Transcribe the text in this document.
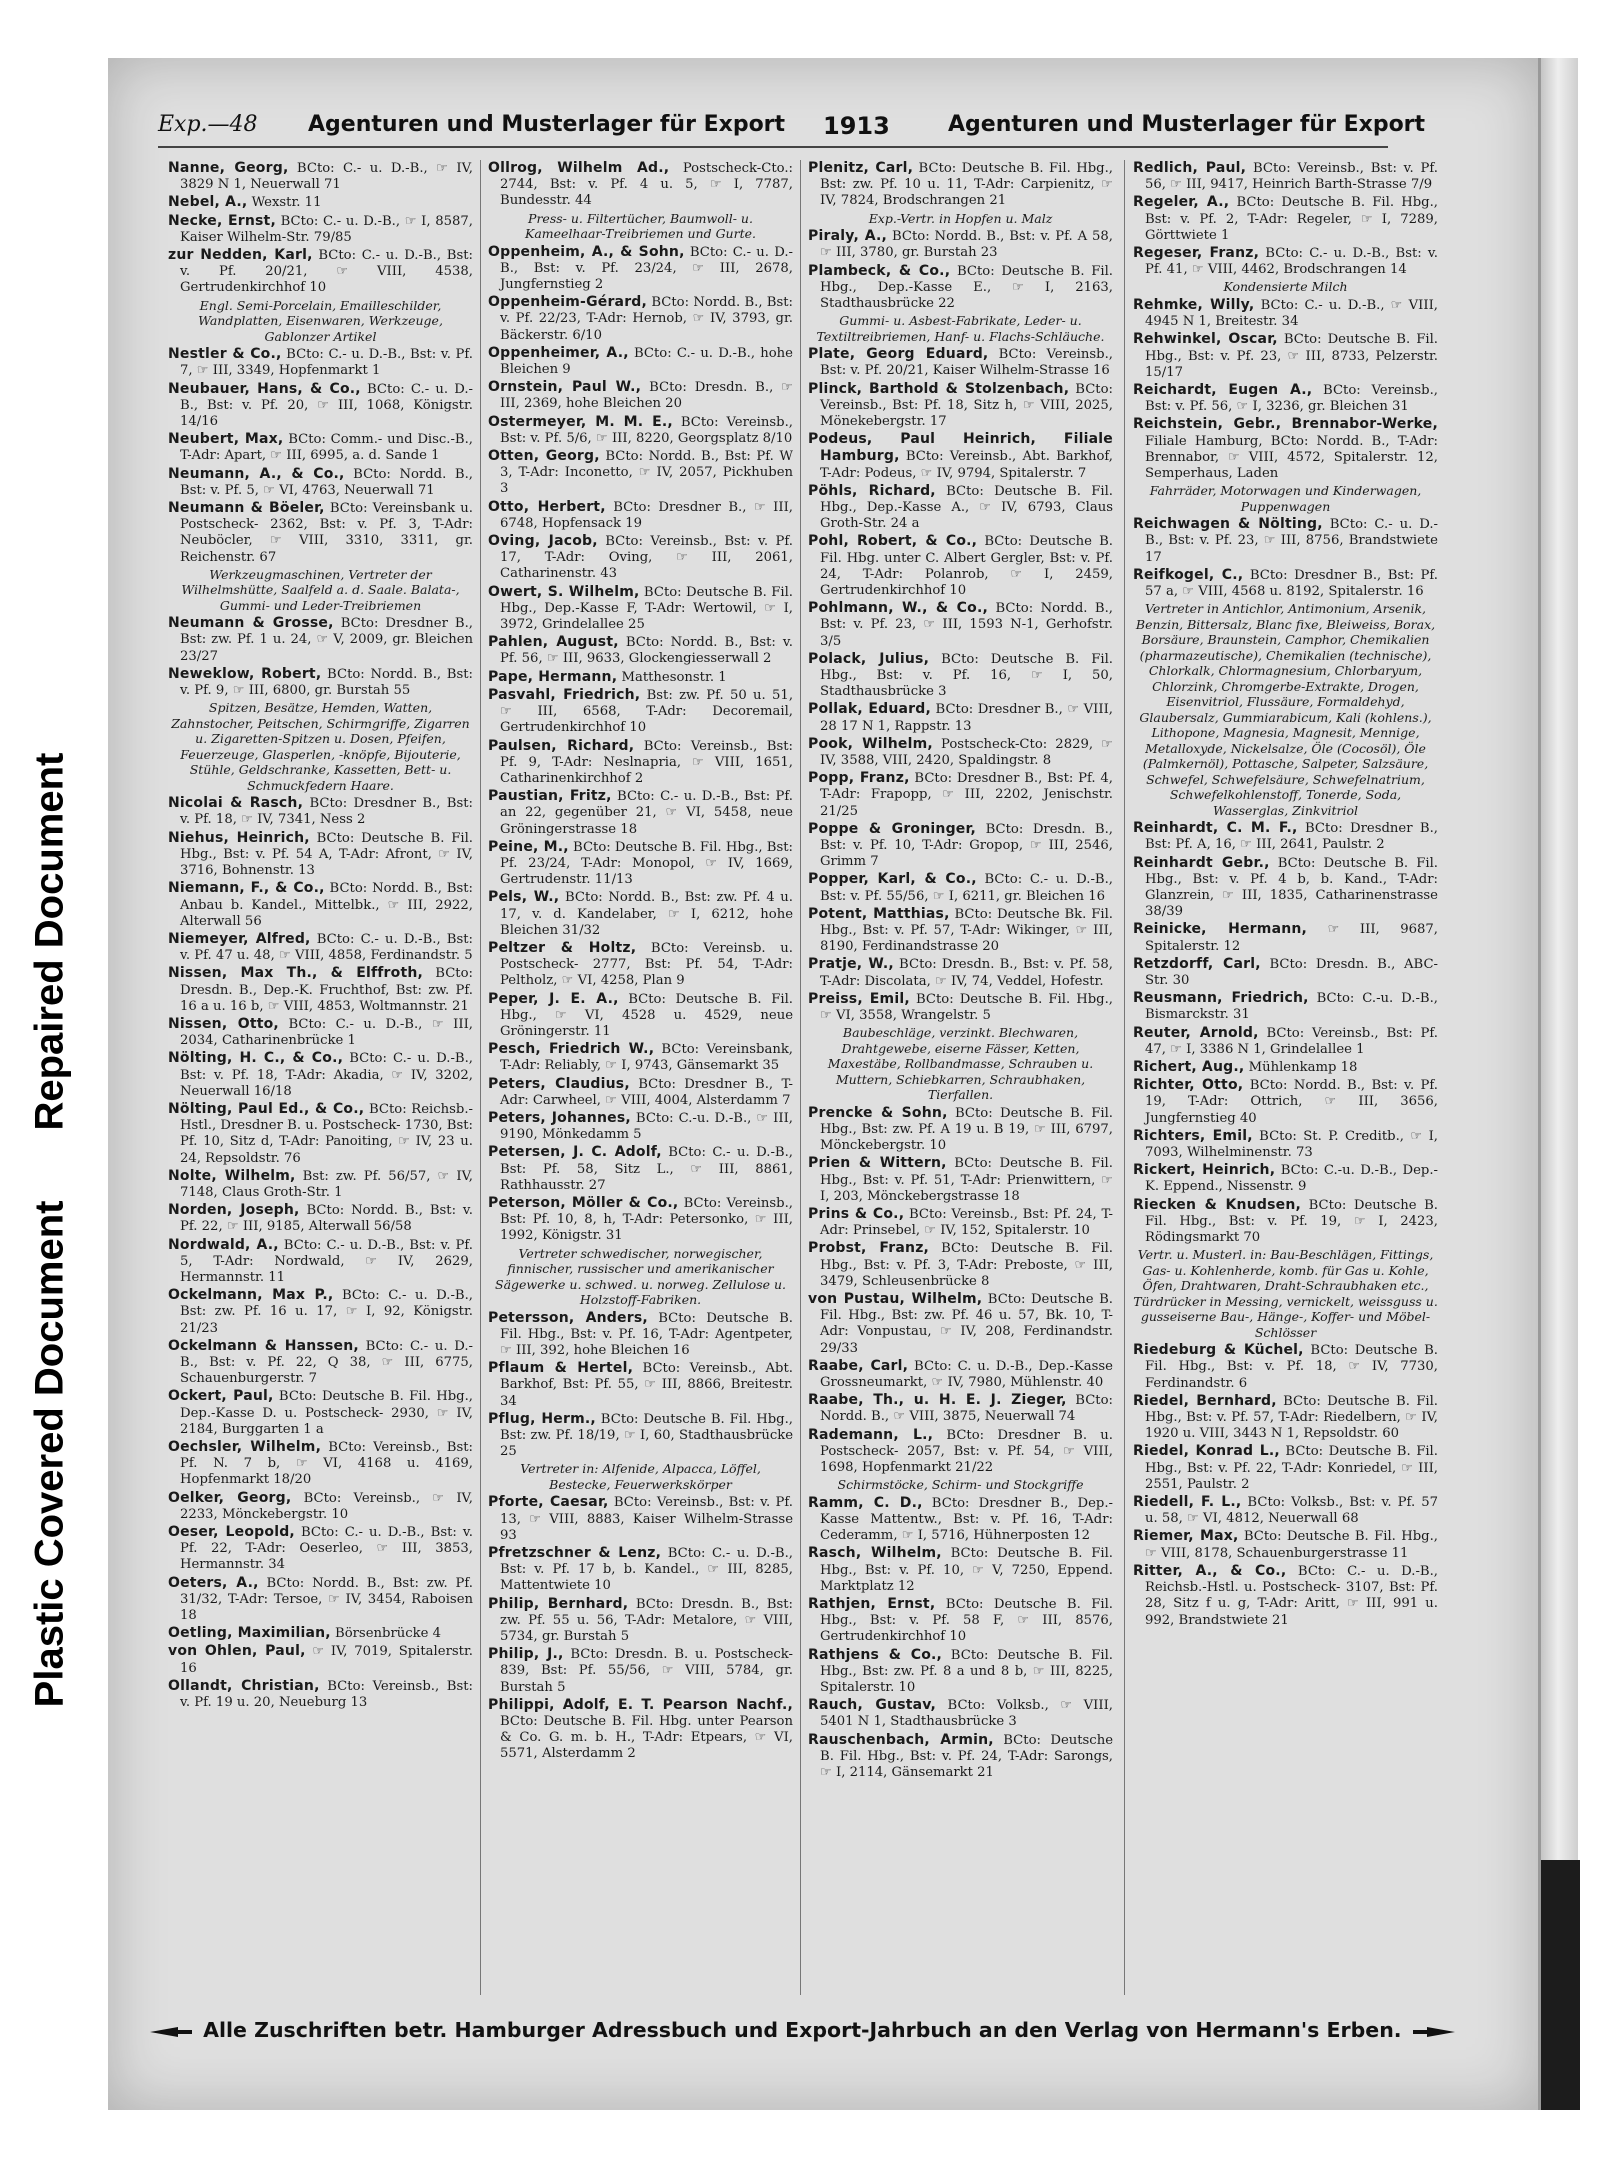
Plastic Covered DocumentRepaired Document
Exp.—48 Agenturen und Musterlager für Export 1913	Agenturen und Musterlager für Export

Nanne, Georg, BCto: C.- u. D.-B., ☞ IV, 3829 N 1, Neuerwall 71

Nebel, A., Wexstr. 11

Necke, Ernst, BCto: C.- u. D.-B., ☞ I, 8587, Kaiser Wilhelm-Str. 79/85

zur Nedden, Karl, BCto: C.- u. D.-B., Bst: v. Pf. 20/21, ☞ VIII, 4538, Gertrudenkirchhof 10

Engl. Semi-Porcelain, Emailleschilder, Wandplatten, Eisenwaren, Werkzeuge, Gablonzer Artikel

Nestler & Co., BCto: C.- u. D.-B., Bst: v. Pf. 7, ☞ III, 3349, Hopfenmarkt 1

Neubauer, Hans, & Co., BCto: C.- u. D.-B., Bst: v. Pf. 20, ☞ III, 1068, Königstr. 14/16

Neubert, Max, BCto: Comm.- und Disc.-B., T-Adr: Apart, ☞ III, 6995, a. d. Sande 1

Neumann, A., & Co., BCto: Nordd. B., Bst: v. Pf. 5, ☞ VI, 4763, Neuerwall 71

Neumann & Böeler, BCto: Vereinsbank u. Postscheck- 2362, Bst: v. Pf. 3, T-Adr: Neuböcler, ☞ VIII, 3310, 3311, gr. Reichenstr. 67

Werkzeugmaschinen, Vertreter der Wilhelmshütte, Saalfeld a. d. Saale. Balata-, Gummi- und Leder-Treibriemen

Neumann & Grosse, BCto: Dresdner B., Bst: zw. Pf. 1 u. 24, ☞ V, 2009, gr. Bleichen 23/27

Neweklow, Robert, BCto: Nordd. B., Bst: v. Pf. 9, ☞ III, 6800, gr. Burstah 55

Spitzen, Besätze, Hemden, Watten, Zahnstocher, Peitschen, Schirmgriffe, Zigarren u. Zigaretten-Spitzen u. Dosen, Pfeifen, Feuerzeuge, Glasperlen, -knöpfe, Bijouterie, Stühle, Geldschranke, Kassetten, Bett- u. Schmuckfedern Haare.

Nicolai & Rasch, BCto: Dresdner B., Bst: v. Pf. 18, ☞ IV, 7341, Ness 2

Niehus, Heinrich, BCto: Deutsche B. Fil. Hbg., Bst: v. Pf. 54 A, T-Adr: Afront, ☞ IV, 3716, Bohnenstr. 13

Niemann, F., & Co., BCto: Nordd. B., Bst: Anbau b. Kandel., Mittelbk., ☞ III, 2922, Alterwall 56

Niemeyer, Alfred, BCto: C.- u. D.-B., Bst: v. Pf. 47 u. 48, ☞ VIII, 4858, Ferdinandstr. 5

Nissen, Max Th., & Elffroth, BCto: Dresdn. B., Dep.-K. Fruchthof, Bst: zw. Pf. 16 a u. 16 b, ☞ VIII, 4853, Woltmannstr. 21

Nissen, Otto, BCto: C.- u. D.-B., ☞ III, 2034, Catharinenbrücke 1

Nölting, H. C., & Co., BCto: C.- u. D.-B., Bst: v. Pf. 18, T-Adr: Akadia, ☞ IV, 3202, Neuerwall 16/18

Nölting, Paul Ed., & Co., BCto: Reichsb.-Hstl., Dresdner B. u. Postscheck- 1730, Bst: Pf. 10, Sitz d, T-Adr: Panoiting, ☞ IV, 23 u. 24, Repsoldstr. 76

Nolte, Wilhelm, Bst: zw. Pf. 56/57, ☞ IV, 7148, Claus Groth-Str. 1

Norden, Joseph, BCto: Nordd. B., Bst: v. Pf. 22, ☞ III, 9185, Alterwall 56/58

Nordwald, A., BCto: C.- u. D.-B., Bst: v. Pf. 5, T-Adr: Nordwald, ☞ IV, 2629, Hermannstr. 11

Ockelmann, Max P., BCto: C.- u. D.-B., Bst: zw. Pf. 16 u. 17, ☞ I, 92, Königstr. 21/23

Ockelmann & Hanssen, BCto: C.- u. D.-B., Bst: v. Pf. 22, Q 38, ☞ III, 6775, Schauenburgerstr. 7

Ockert, Paul, BCto: Deutsche B. Fil. Hbg., Dep.-Kasse D. u. Postscheck- 2930, ☞ IV, 2184, Burggarten 1 a

Oechsler, Wilhelm, BCto: Vereinsb., Bst: Pf. N. 7 b, ☞ VI, 4168 u. 4169, Hopfenmarkt 18/20

Oelker, Georg, BCto: Vereinsb., ☞ IV, 2233, Mönckebergstr. 10

Oeser, Leopold, BCto: C.- u. D.-B., Bst: v. Pf. 22, T-Adr: Oeserleo, ☞ III, 3853, Hermannstr. 34

Oeters, A., BCto: Nordd. B., Bst: zw. Pf. 31/32, T-Adr: Tersoe, ☞ IV, 3454, Raboisen 18

Oetling, Maximilian, Börsenbrücke 4

von Ohlen, Paul, ☞ IV, 7019, Spitalerstr. 16

Ollandt, Christian, BCto: Vereinsb., Bst: v. Pf. 19 u. 20, Neueburg 13

Ollrog, Wilhelm Ad., Postscheck-Cto.: 2744, Bst: v. Pf. 4 u. 5, ☞ I, 7787, Bundesstr. 44

Press- u. Filtertücher, Baumwoll- u. Kameelhaar-Treibriemen und Gurte.

Oppenheim, A., & Sohn, BCto: C.- u. D.-B., Bst: v. Pf. 23/24, ☞ III, 2678, Jungfernstieg 2

Oppenheim-Gérard, BCto: Nordd. B., Bst: v. Pf. 22/23, T-Adr: Hernob, ☞ IV, 3793, gr. Bäckerstr. 6/10

Oppenheimer, A., BCto: C.- u. D.-B., hohe Bleichen 9

Ornstein, Paul W., BCto: Dresdn. B., ☞ III, 2369, hohe Bleichen 20

Ostermeyer, M. M. E., BCto: Vereinsb., Bst: v. Pf. 5/6, ☞ III, 8220, Georgsplatz 8/10

Otten, Georg, BCto: Nordd. B., Bst: Pf. W 3, T-Adr: Inconetto, ☞ IV, 2057, Pickhuben 3

Otto, Herbert, BCto: Dresdner B., ☞ III, 6748, Hopfensack 19

Oving, Jacob, BCto: Vereinsb., Bst: v. Pf. 17, T-Adr: Oving, ☞ III, 2061, Catharinenstr. 43

Owert, S. Wilhelm, BCto: Deutsche B. Fil. Hbg., Dep.-Kasse F, T-Adr: Wertowil, ☞ I, 3972, Grindelallee 25

Pahlen, August, BCto: Nordd. B., Bst: v. Pf. 56, ☞ III, 9633, Glockengiesserwall 2

Pape, Hermann, Matthesonstr. 1

Pasvahl, Friedrich, Bst: zw. Pf. 50 u. 51, ☞ III, 6568, T-Adr: Decoremail, Gertrudenkirchhof 10

Paulsen, Richard, BCto: Vereinsb., Bst: Pf. 9, T-Adr: Neslnapria, ☞ VIII, 1651, Catharinenkirchhof 2

Paustian, Fritz, BCto: C.- u. D.-B., Bst: Pf. an 22, gegenüber 21, ☞ VI, 5458, neue Gröningerstrasse 18

Peine, M., BCto: Deutsche B. Fil. Hbg., Bst: Pf. 23/24, T-Adr: Monopol, ☞ IV, 1669, Gertrudenstr. 11/13

Pels, W., BCto: Nordd. B., Bst: zw. Pf. 4 u. 17, v. d. Kandelaber, ☞ I, 6212, hohe Bleichen 31/32

Peltzer & Holtz, BCto: Vereinsb. u. Postscheck- 2777, Bst: Pf. 54, T-Adr: Peltholz, ☞ VI, 4258, Plan 9

Peper, J. E. A., BCto: Deutsche B. Fil. Hbg., ☞ VI, 4528 u. 4529, neue Gröningerstr. 11

Pesch, Friedrich W., BCto: Vereinsbank, T-Adr: Reliably, ☞ I, 9743, Gänsemarkt 35

Peters, Claudius, BCto: Dresdner B., T-Adr: Carwheel, ☞ VIII, 4004, Alsterdamm 7

Peters, Johannes, BCto: C.-u. D.-B., ☞ III, 9190, Mönkedamm 5

Petersen, J. C. Adolf, BCto: C.- u. D.-B., Bst: Pf. 58, Sitz L., ☞ III, 8861, Rathhausstr. 27

Peterson, Möller & Co., BCto: Vereinsb., Bst: Pf. 10, 8, h, T-Adr: Petersonko, ☞ III, 1992, Königstr. 31

Vertreter schwedischer, norwegischer, finnischer, russischer und amerikanischer Sägewerke u. schwed. u. norweg. Zellulose u. Holzstoff-Fabriken.

Petersson, Anders, BCto: Deutsche B. Fil. Hbg., Bst: v. Pf. 16, T-Adr: Agentpeter, ☞ III, 392, hohe Bleichen 16

Pflaum & Hertel, BCto: Vereinsb., Abt. Barkhof, Bst: Pf. 55, ☞ III, 8866, Breitestr. 34

Pflug, Herm., BCto: Deutsche B. Fil. Hbg., Bst: zw. Pf. 18/19, ☞ I, 60, Stadthausbrücke 25

Vertreter in: Alfenide, Alpacca, Löffel, Bestecke, Feuerwerkskörper

Pforte, Caesar, BCto: Vereinsb., Bst: v. Pf. 13, ☞ VIII, 8883, Kaiser Wilhelm-Strasse 93

Pfretzschner & Lenz, BCto: C.- u. D.-B., Bst: v. Pf. 17 b, b. Kandel., ☞ III, 8285, Mattentwiete 10

Philip, Bernhard, BCto: Dresdn. B., Bst: zw. Pf. 55 u. 56, T-Adr: Metalore, ☞ VIII, 5734, gr. Burstah 5

Philip, J., BCto: Dresdn. B. u. Postscheck- 839, Bst: Pf. 55/56, ☞ VIII, 5784, gr. Burstah 5

Philippi, Adolf, E. T. Pearson Nachf., BCto: Deutsche B. Fil. Hbg. unter Pearson & Co. G. m. b. H., T-Adr: Etpears, ☞ VI, 5571, Alsterdamm 2

Plenitz, Carl, BCto: Deutsche B. Fil. Hbg., Bst: zw. Pf. 10 u. 11, T-Adr: Carpienitz, ☞ IV, 7824, Brodschrangen 21

Exp.-Vertr. in Hopfen u. Malz

Piraly, A., BCto: Nordd. B., Bst: v. Pf. A 58, ☞ III, 3780, gr. Burstah 23

Plambeck, & Co., BCto: Deutsche B. Fil. Hbg., Dep.-Kasse E., ☞ I, 2163, Stadthausbrücke 22

Gummi- u. Asbest-Fabrikate, Leder- u. Textiltreibriemen, Hanf- u. Flachs-Schläuche.

Plate, Georg Eduard, BCto: Vereinsb., Bst: v. Pf. 20/21, Kaiser Wilhelm-Strasse 16

Plinck, Barthold & Stolzenbach, BCto: Vereinsb., Bst: Pf. 18, Sitz h, ☞ VIII, 2025, Mönekebergstr. 17

Podeus, Paul Heinrich, Filiale Hamburg, BCto: Vereinsb., Abt. Barkhof, T-Adr: Podeus, ☞ IV, 9794, Spitalerstr. 7

Pöhls, Richard, BCto: Deutsche B. Fil. Hbg., Dep.-Kasse A., ☞ IV, 6793, Claus Groth-Str. 24 a

Pohl, Robert, & Co., BCto: Deutsche B. Fil. Hbg. unter C. Albert Gergler, Bst: v. Pf. 24, T-Adr: Polanrob, ☞ I, 2459, Gertrudenkirchhof 10

Pohlmann, W., & Co., BCto: Nordd. B., Bst: v. Pf. 23, ☞ III, 1593 N-1, Gerhofstr. 3/5

Polack, Julius, BCto: Deutsche B. Fil. Hbg., Bst: v. Pf. 16, ☞ I, 50, Stadthausbrücke 3

Pollak, Eduard, BCto: Dresdner B., ☞ VIII, 28 17 N 1, Rappstr. 13

Pook, Wilhelm, Postscheck-Cto: 2829, ☞ IV, 3588, VIII, 2420, Spaldingstr. 8

Popp, Franz, BCto: Dresdner B., Bst: Pf. 4, T-Adr: Frapopp, ☞ III, 2202, Jenischstr. 21/25

Poppe & Groninger, BCto: Dresdn. B., Bst: v. Pf. 10, T-Adr: Gropop, ☞ III, 2546, Grimm 7

Popper, Karl, & Co., BCto: C.- u. D.-B., Bst: v. Pf. 55/56, ☞ I, 6211, gr. Bleichen 16

Potent, Matthias, BCto: Deutsche Bk. Fil. Hbg., Bst: v. Pf. 57, T-Adr: Wikinger, ☞ III, 8190, Ferdinandstrasse 20

Pratje, W., BCto: Dresdn. B., Bst: v. Pf. 58, T-Adr: Discolata, ☞ IV, 74, Veddel, Hofestr.

Preiss, Emil, BCto: Deutsche B. Fil. Hbg., ☞ VI, 3558, Wrangelstr. 5

Baubeschläge, verzinkt. Blechwaren, Drahtgewebe, eiserne Fässer, Ketten, Maxestäbe, Rollbandmasse, Schrauben u. Muttern, Schiebkarren, Schraubhaken, Tierfallen.

Prencke & Sohn, BCto: Deutsche B. Fil. Hbg., Bst: zw. Pf. A 19 u. B 19, ☞ III, 6797, Mönckebergstr. 10

Prien & Wittern, BCto: Deutsche B. Fil. Hbg., Bst: v. Pf. 51, T-Adr: Prienwittern, ☞ I, 203, Mönckebergstrasse 18

Prins & Co., BCto: Vereinsb., Bst: Pf. 24, T-Adr: Prinsebel, ☞ IV, 152, Spitalerstr. 10

Probst, Franz, BCto: Deutsche B. Fil. Hbg., Bst: v. Pf. 3, T-Adr: Preboste, ☞ III, 3479, Schleusenbrücke 8

von Pustau, Wilhelm, BCto: Deutsche B. Fil. Hbg., Bst: zw. Pf. 46 u. 57, Bk. 10, T-Adr: Vonpustau, ☞ IV, 208, Ferdinandstr. 29/33

Raabe, Carl, BCto: C. u. D.-B., Dep.-Kasse Grossneumarkt, ☞ IV, 7980, Mühlenstr. 40

Raabe, Th., u. H. E. J. Zieger, BCto: Nordd. B., ☞ VIII, 3875, Neuerwall 74

Rademann, L., BCto: Dresdner B. u. Postscheck- 2057, Bst: v. Pf. 54, ☞ VIII, 1698, Hopfenmarkt 21/22

Schirmstöcke, Schirm- und Stockgriffe

Ramm, C. D., BCto: Dresdner B., Dep.-Kasse Mattentw., Bst: v. Pf. 16, T-Adr: Cederamm, ☞ I, 5716, Hühnerposten 12

Rasch, Wilhelm, BCto: Deutsche B. Fil. Hbg., Bst: v. Pf. 10, ☞ V, 7250, Eppend. Marktplatz 12

Rathjen, Ernst, BCto: Deutsche B. Fil. Hbg., Bst: v. Pf. 58 F, ☞ III, 8576, Gertrudenkirchhof 10

Rathjens & Co., BCto: Deutsche B. Fil. Hbg., Bst: zw. Pf. 8 a und 8 b, ☞ III, 8225, Spitalerstr. 10

Rauch, Gustav, BCto: Volksb., ☞ VIII, 5401 N 1, Stadthausbrücke 3

Rauschenbach, Armin, BCto: Deutsche B. Fil. Hbg., Bst: v. Pf. 24, T-Adr: Sarongs, ☞ I, 2114, Gänsemarkt 21

Redlich, Paul, BCto: Vereinsb., Bst: v. Pf. 56, ☞ III, 9417, Heinrich Barth-Strasse 7/9

Regeler, A., BCto: Deutsche B. Fil. Hbg., Bst: v. Pf. 2, T-Adr: Regeler, ☞ I, 7289, Görttwiete 1

Regeser, Franz, BCto: C.- u. D.-B., Bst: v. Pf. 41, ☞ VIII, 4462, Brodschrangen 14

Kondensierte Milch

Rehmke, Willy, BCto: C.- u. D.-B., ☞ VIII, 4945 N 1, Breitestr. 34

Rehwinkel, Oscar, BCto: Deutsche B. Fil. Hbg., Bst: v. Pf. 23, ☞ III, 8733, Pelzerstr. 15/17

Reichardt, Eugen A., BCto: Vereinsb., Bst: v. Pf. 56, ☞ I, 3236, gr. Bleichen 31

Reichstein, Gebr., Brennabor-Werke, Filiale Hamburg, BCto: Nordd. B., T-Adr: Brennabor, ☞ VIII, 4572, Spitalerstr. 12, Semperhaus, Laden

Fahrräder, Motorwagen und Kinderwagen, Puppenwagen

Reichwagen & Nölting, BCto: C.- u. D.-B., Bst: v. Pf. 23, ☞ III, 8756, Brandstwiete 17

Reifkogel, C., BCto: Dresdner B., Bst: Pf. 57 a, ☞ VIII, 4568 u. 8192, Spitalerstr. 16

Vertreter in Antichlor, Antimonium, Arsenik, Benzin, Bittersalz, Blanc fixe, Bleiweiss, Borax, Borsäure, Braunstein, Camphor, Chemikalien (pharmazeutische), Chemikalien (technische), Chlorkalk, Chlormagnesium, Chlorbaryum, Chlorzink, Chromgerbe-Extrakte, Drogen, Eisenvitriol, Flussäure, Formaldehyd, Glaubersalz, Gummiarabicum, Kali (kohlens.), Lithopone, Magnesia, Magnesit, Mennige, Metalloxyde, Nickelsalze, Öle (Cocosöl), Öle (Palmkernöl), Pottasche, Salpeter, Salzsäure, Schwefel, Schwefelsäure, Schwefelnatrium, Schwefelkohlenstoff, Tonerde, Soda, Wasserglas, Zinkvitriol

Reinhardt, C. M. F., BCto: Dresdner B., Bst: Pf. A, 16, ☞ III, 2641, Paulstr. 2

Reinhardt Gebr., BCto: Deutsche B. Fil. Hbg., Bst: v. Pf. 4 b, b. Kand., T-Adr: Glanzrein, ☞ III, 1835, Catharinenstrasse 38/39

Reinicke, Hermann, ☞ III, 9687, Spitalerstr. 12

Retzdorff, Carl, BCto: Dresdn. B., ABC-Str. 30

Reusmann, Friedrich, BCto: C.-u. D.-B., Bismarckstr. 31

Reuter, Arnold, BCto: Vereinsb., Bst: Pf. 47, ☞ I, 3386 N 1, Grindelallee 1

Richert, Aug., Mühlenkamp 18

Richter, Otto, BCto: Nordd. B., Bst: v. Pf. 19, T-Adr: Ottrich, ☞ III, 3656, Jungfernstieg 40

Richters, Emil, BCto: St. P. Creditb., ☞ I, 7093, Wilhelminenstr. 73

Rickert, Heinrich, BCto: C.-u. D.-B., Dep.-K. Eppend., Nissenstr. 9

Riecken & Knudsen, BCto: Deutsche B. Fil. Hbg., Bst: v. Pf. 19, ☞ I, 2423, Rödingsmarkt 70

Vertr. u. Musterl. in: Bau-Beschlägen, Fittings, Gas- u. Kohlenherde, komb. für Gas u. Kohle, Öfen, Drahtwaren, Draht-Schraubhaken etc., Türdrücker in Messing, vernickelt, weissguss u. gusseiserne Bau-, Hänge-, Koffer- und Möbel-Schlösser

Riedeburg & Küchel, BCto: Deutsche B. Fil. Hbg., Bst: v. Pf. 18, ☞ IV, 7730, Ferdinandstr. 6

Riedel, Bernhard, BCto: Deutsche B. Fil. Hbg., Bst: v. Pf. 57, T-Adr: Riedelbern, ☞ IV, 1920 u. VIII, 3443 N 1, Repsoldstr. 60

Riedel, Konrad L., BCto: Deutsche B. Fil. Hbg., Bst: v. Pf. 22, T-Adr: Konriedel, ☞ III, 2551, Paulstr. 2

Riedell, F. L., BCto: Volksb., Bst: v. Pf. 57 u. 58, ☞ VI, 4812, Neuerwall 68

Riemer, Max, BCto: Deutsche B. Fil. Hbg., ☞ VIII, 8178, Schauenburgerstrasse 11

Ritter, A., & Co., BCto: C.- u. D.-B., Reichsb.-Hstl. u. Postscheck- 3107, Bst: Pf. 28, Sitz f u. g, T-Adr: Aritt, ☞ III, 991 u. 992, Brandstwiete 21

Alle Zuschriften betr. Hamburger Adressbuch und Export-Jahrbuch an den Verlag von Hermann's Erben.
